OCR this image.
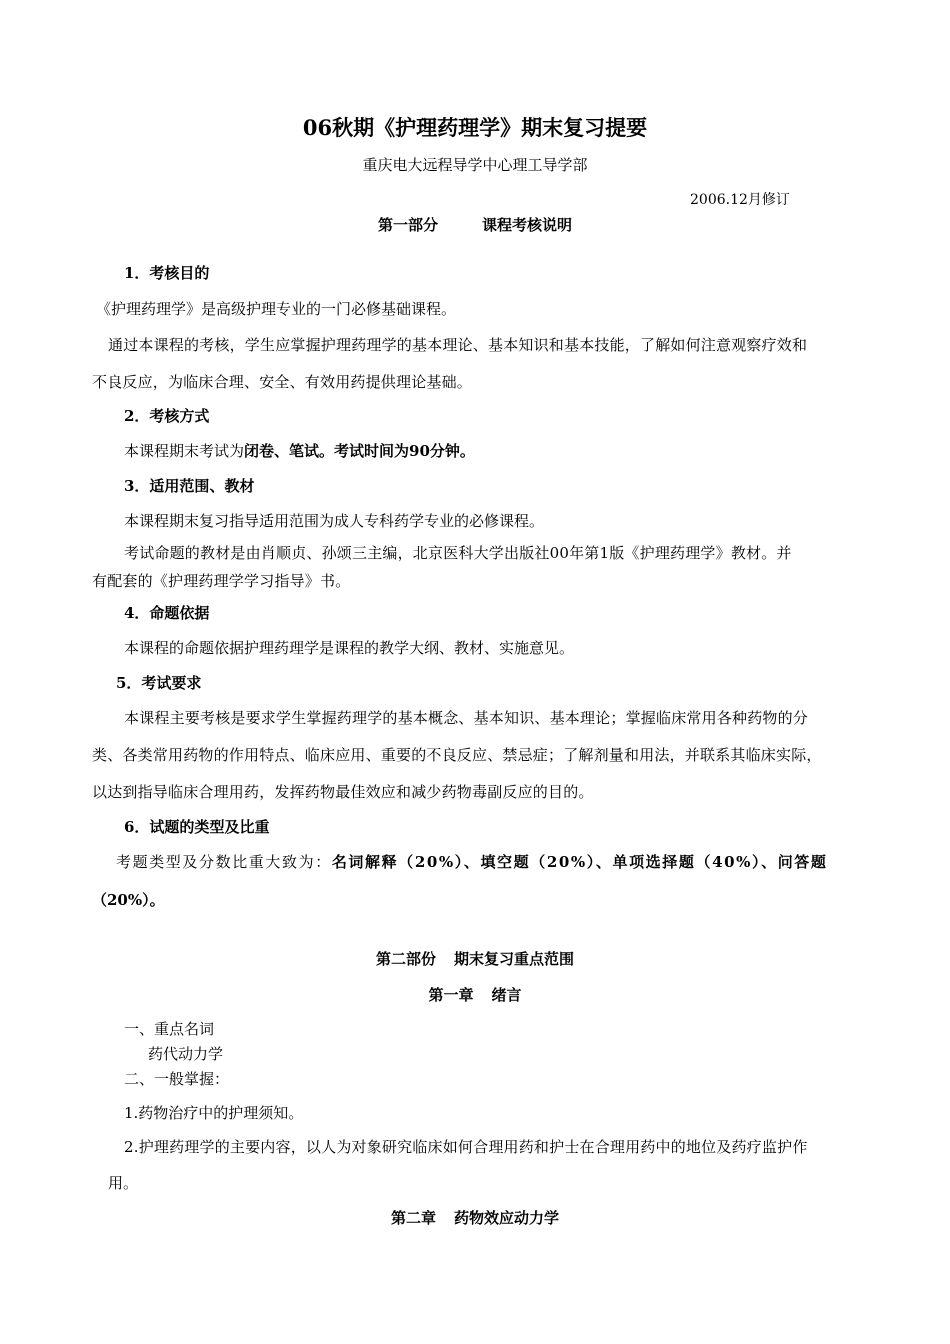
06秋期《护理药理学》期末复习提要
重庆电大远程导学中心理工导学部
2006.12月修订
第一部分	课程考核说明
1．考核目的
《护理药理学》是高级护理专业的一门必修基础课程。
通过本课程的考核，学生应掌握护理药理学的基本理论、基本知识和基本技能，了解如何注意观察疗效和
不良反应，为临床合理、安全、有效用药提供理论基础。
2．考核方式
本课程期末考试为闭卷、笔试。考试时间为90分钟。
3．适用范围、教材
本课程期末复习指导适用范围为成人专科药学专业的必修课程。
考试命题的教材是由肖顺贞、孙颂三主编，北京医科大学出版社00年第1版《护理药理学》教材。并
有配套的《护理药理学学习指导》书。
4．命题依据
本课程的命题依据护理药理学是课程的教学大纲、教材、实施意见。
5．考试要求
本课程主要考核是要求学生掌握药理学的基本概念、基本知识、基本理论；掌握临床常用各种药物的分
类、各类常用药物的作用特点、临床应用、重要的不良反应、禁忌症；了解剂量和用法，并联系其临床实际，
以达到指导临床合理用药，发挥药物最佳效应和减少药物毒副反应的目的。
6．试题的类型及比重
考题类型及分数比重大致为：名词解释（20%）、填空题（20%）、单项选择题（40%）、问答题
（20%）。
第二部份 期末复习重点范围
第一章 绪言
一、重点名词
药代动力学
二、一般掌握：
1.药物治疗中的护理须知。
2.护理药理学的主要内容，以人为对象研究临床如何合理用药和护士在合理用药中的地位及药疗监护作
用。
第二章 药物效应动力学
